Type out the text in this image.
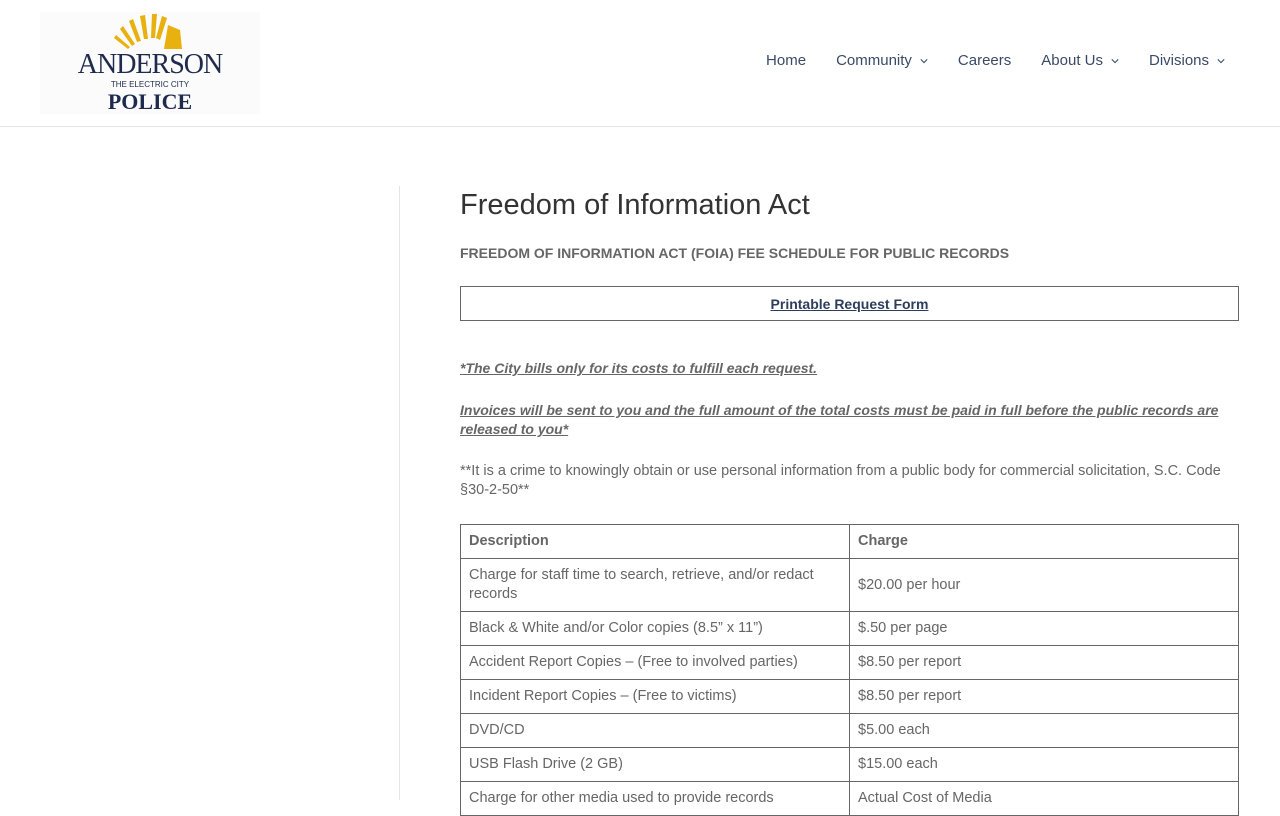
ANDERSON
THE ELECTRIC CITY
POLICE
Home Community	Careers About Us	Divisions
Freedom of Information Act
FREEDOM OF INFORMATION ACT (FOIA) FEE SCHEDULE FOR PUBLIC RECORDS
Printable Request Form

*The City bills only for its costs to fulfill each request.

Invoices will be sent to you and the full amount of the total costs must be paid in full before the public records are released to you*

**It is a crime to knowingly obtain or use personal information from a public body for commercial solicitation, S.C. Code §30-2-50**

Description	Charge
Charge for staff time to search, retrieve, and/or redact records	$20.00 per hour
Black & White and/or Color copies (8.5” x 11”)	$.50 per page
Accident Report Copies – (Free to involved parties)	$8.50 per report
Incident Report Copies – (Free to victims)	$8.50 per report
DVD/CD	$5.00 each
USB Flash Drive (2 GB)	$15.00 each
Charge for other media used to provide records	Actual Cost of Media
